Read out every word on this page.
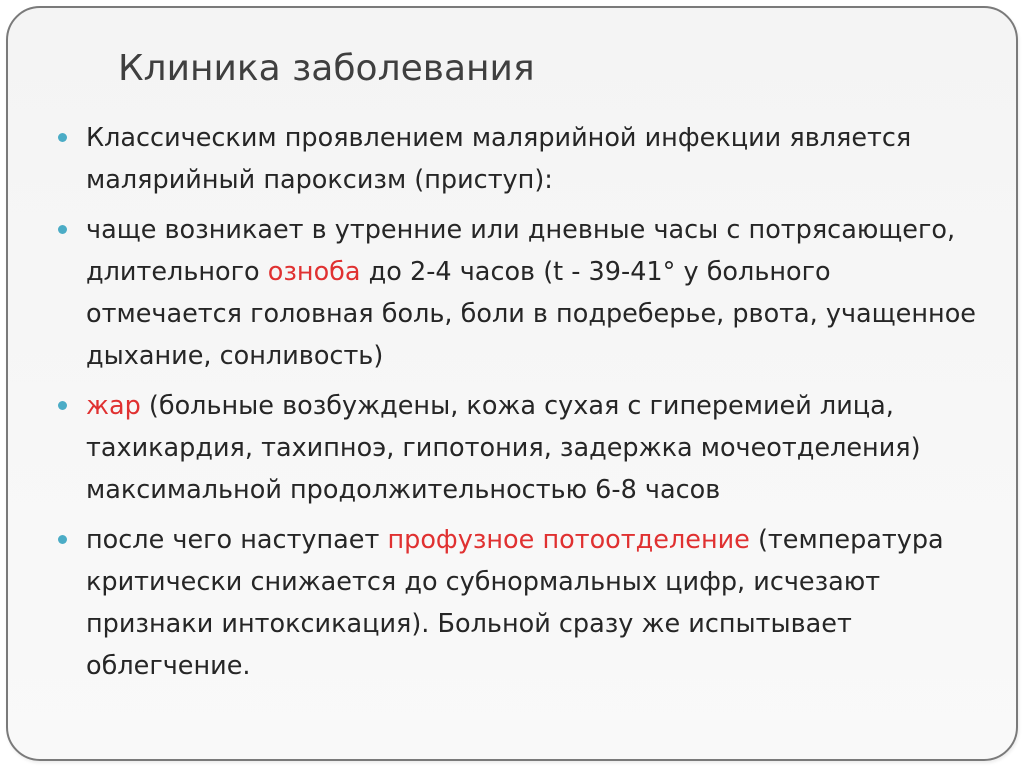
Клиника заболевания
Классическим проявлением малярийной инфекции является малярийный пароксизм (приступ):
чаще возникает в утренние или дневные часы с потрясающего, длительного озноба до 2-4 часов (t - 39-41° у больного отмечается головная боль, боли в подреберье, рвота, учащенное дыхание, сонливость)
жар (больные возбуждены, кожа сухая с гиперемией лица, тахикардия, тахипноэ, гипотония, задержка мочеотделения) максимальной продолжительностью 6-8 часов
после чего наступает профузное потоотделение (температура критически снижается до субнормальных цифр, исчезают признаки интоксикация). Больной сразу же испытывает облегчение.
